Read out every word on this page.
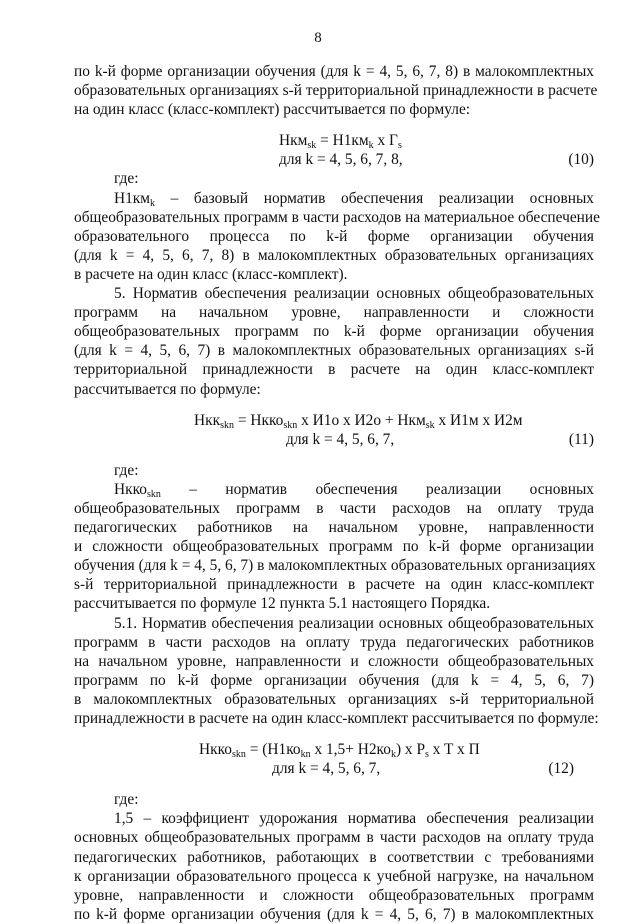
8
по k-й форме организации обучения (для k = 4, 5, 6, 7, 8) в малокомплектных
образовательных организациях s-й территориальной принадлежности в расчете
на один класс (класс-комплект) рассчитывается по формуле:
$Нкм_{sk} = Н1км_k$ x $Г_s$
для k = 4, 5, 6, 7, 8,	(10)
где:
$Н1км_k$ – базовый норматив обеспечения реализации основных
общеобразовательных программ в части расходов на материальное обеспечение
образовательного процесса по k-й форме организации обучения
(для k = 4, 5, 6, 7, 8) в малокомплектных образовательных организациях
в расчете на один класс (класс-комплект).
5. Норматив обеспечения реализации основных общеобразовательных
программ на начальном уровне, направленности и сложности
общеобразовательных программ по k-й форме организации обучения
(для k = 4, 5, 6, 7) в малокомплектных образовательных организациях s-й
территориальной принадлежности в расчете на один класс-комплект
рассчитывается по формуле:
Нкк$_{skn}$ = Нкко$_{skn}$ x И1о x И2о + Нкм$_{sk}$ x И1м x И2м
для k = 4, 5, 6, 7,	(11)
где:
Нкко$_{skn}$ – норматив обеспечения реализации основных
общеобразовательных программ в части расходов на оплату труда
педагогических работников на начальном уровне, направленности
и сложности общеобразовательных программ по k-й форме организации
обучения (для k = 4, 5, 6, 7) в малокомплектных образовательных организациях
s-й территориальной принадлежности в расчете на один класс-комплект
рассчитывается по формуле 12 пункта 5.1 настоящего Порядка.
5.1. Норматив обеспечения реализации основных общеобразовательных
программ в части расходов на оплату труда педагогических работников
на начальном уровне, направленности и сложности общеобразовательных
программ по k-й форме организации обучения (для k = 4, 5, 6, 7)
в малокомплектных образовательных организациях s-й территориальной
принадлежности в расчете на один класс-комплект рассчитывается по формуле:
Нкко$_{skn}$ = ($Н1ко_{kn}$ x $1,5+ Н2ко_k$) x $P_s$ x T x П
для k = 4, 5, 6, 7,	(12)
где:
1,5 – коэффициент удорожания норматива обеспечения реализации
основных общеобразовательных программ в части расходов на оплату труда
педагогических работников, работающих в соответствии с требованиями
к организации образовательного процесса к учебной нагрузке, на начальном
уровне, направленности и сложности общеобразовательных программ
по k-й форме организации обучения (для k = 4, 5, 6, 7) в малокомплектных
